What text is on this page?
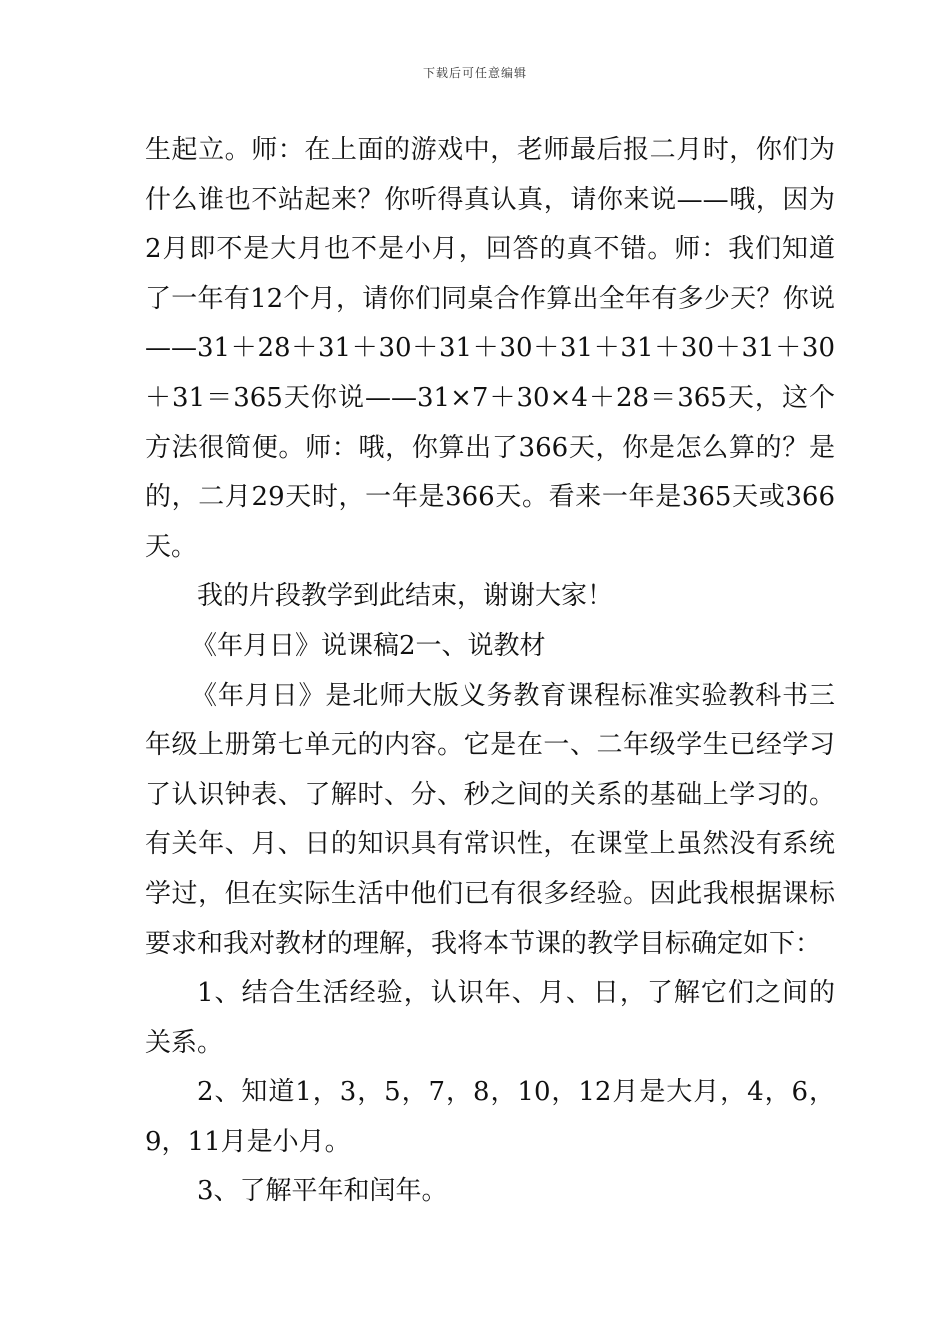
下载后可任意编辑

生起立。师：在上面的游戏中，老师最后报二月时，你们为什么谁也不站起来？你听得真认真，请你来说——哦，因为2月即不是大月也不是小月，回答的真不错。师：我们知道了一年有12个月，请你们同桌合作算出全年有多少天？你说——31＋28＋31＋30＋31＋30＋31＋31＋30＋31＋30＋31＝365天你说——31×7＋30×4＋28＝365天，这个方法很简便。师：哦，你算出了366天，你是怎么算的？是的，二月29天时，一年是366天。看来一年是365天或366天。

我的片段教学到此结束，谢谢大家！

《年月日》说课稿2一、说教材

《年月日》是北师大版义务教育课程标准实验教科书三年级上册第七单元的内容。它是在一、二年级学生已经学习了认识钟表、了解时、分、秒之间的关系的基础上学习的。有关年、月、日的知识具有常识性，在课堂上虽然没有系统学过，但在实际生活中他们已有很多经验。因此我根据课标要求和我对教材的理解，我将本节课的教学目标确定如下：

1、结合生活经验，认识年、月、日，了解它们之间的关系。

2、知道1，3，5，7，8，10，12月是大月，4，6，9，11月是小月。

3、了解平年和闰年。
